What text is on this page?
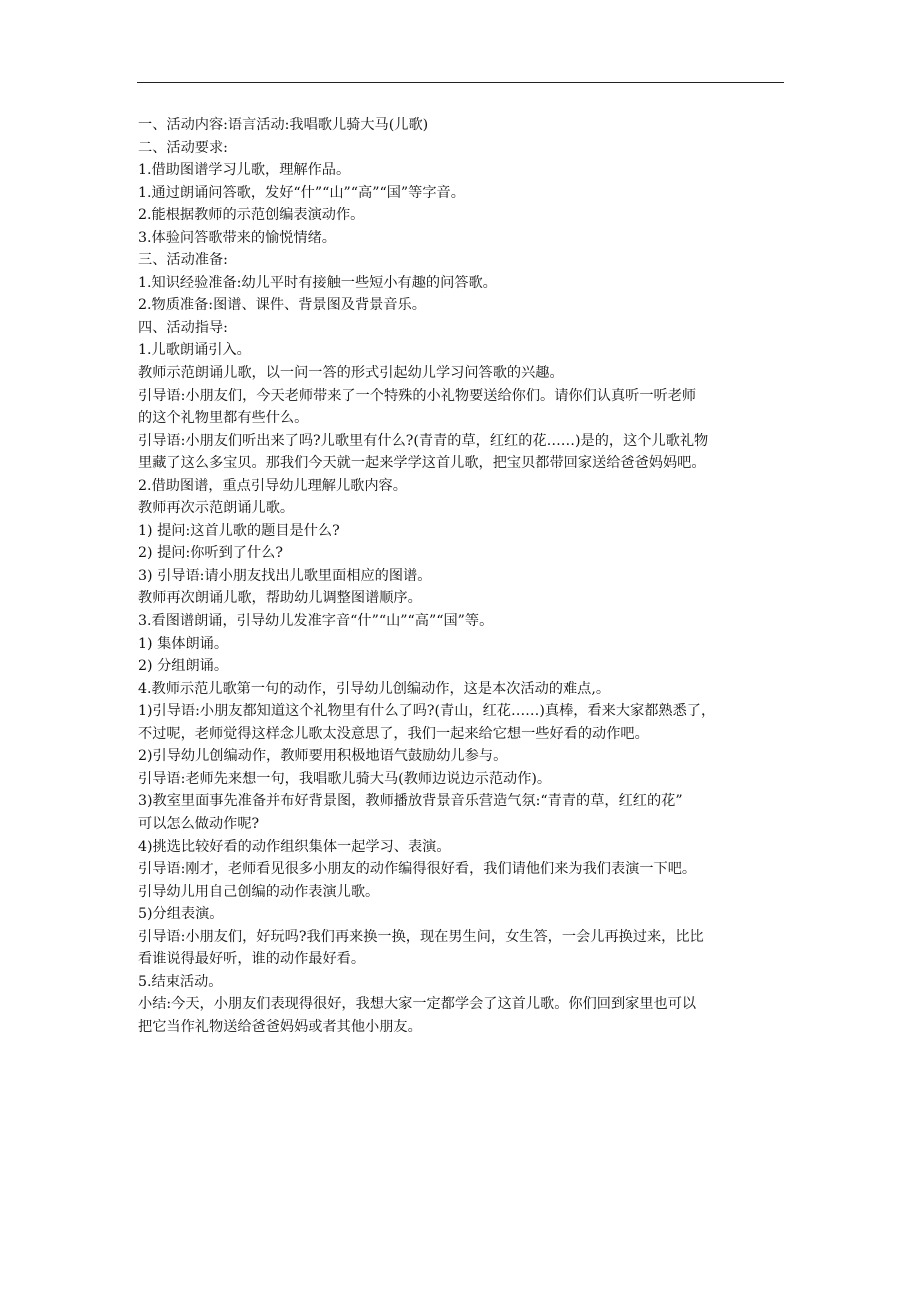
一、活动内容:语言活动:我唱歌儿骑大马(儿歌)
二、活动要求:
1.借助图谱学习儿歌，理解作品。
1.通过朗诵问答歌，发好“什”“山”“高”“国”等字音。
2.能根据教师的示范创编表演动作。
3.体验问答歌带来的愉悦情绪。
三、活动准备:
1.知识经验准备:幼儿平时有接触一些短小有趣的问答歌。
2.物质准备:图谱、课件、背景图及背景音乐。
四、活动指导:
1.儿歌朗诵引入。
教师示范朗诵儿歌，以一问一答的形式引起幼儿学习问答歌的兴趣。
引导语:小朋友们，今天老师带来了一个特殊的小礼物要送给你们。请你们认真听一听老师
的这个礼物里都有些什么。
引导语:小朋友们听出来了吗?儿歌里有什么?(青青的草，红红的花……)是的，这个儿歌礼物
里藏了这么多宝贝。那我们今天就一起来学学这首儿歌，把宝贝都带回家送给爸爸妈妈吧。
2.借助图谱，重点引导幼儿理解儿歌内容。
教师再次示范朗诵儿歌。
1) 提问:这首儿歌的题目是什么?
2) 提问:你听到了什么?
3) 引导语:请小朋友找出儿歌里面相应的图谱。
教师再次朗诵儿歌，帮助幼儿调整图谱顺序。
3.看图谱朗诵，引导幼儿发准字音“什”“山”“高”“国”等。
1) 集体朗诵。
2) 分组朗诵。
4.教师示范儿歌第一句的动作，引导幼儿创编动作，这是本次活动的难点,。
1)引导语:小朋友都知道这个礼物里有什么了吗?(青山，红花……)真棒，看来大家都熟悉了，
不过呢，老师觉得这样念儿歌太没意思了，我们一起来给它想一些好看的动作吧。
2)引导幼儿创编动作，教师要用积极地语气鼓励幼儿参与。
引导语:老师先来想一句，我唱歌儿骑大马(教师边说边示范动作)。
3)教室里面事先准备并布好背景图，教师播放背景音乐营造气氛:“青青的草，红红的花”
可以怎么做动作呢?
4)挑选比较好看的动作组织集体一起学习、表演。
引导语:刚才，老师看见很多小朋友的动作编得很好看，我们请他们来为我们表演一下吧。
引导幼儿用自己创编的动作表演儿歌。
5)分组表演。
引导语:小朋友们，好玩吗?我们再来换一换，现在男生问，女生答，一会儿再换过来，比比
看谁说得最好听，谁的动作最好看。
5.结束活动。
小结:今天，小朋友们表现得很好，我想大家一定都学会了这首儿歌。你们回到家里也可以
把它当作礼物送给爸爸妈妈或者其他小朋友。
